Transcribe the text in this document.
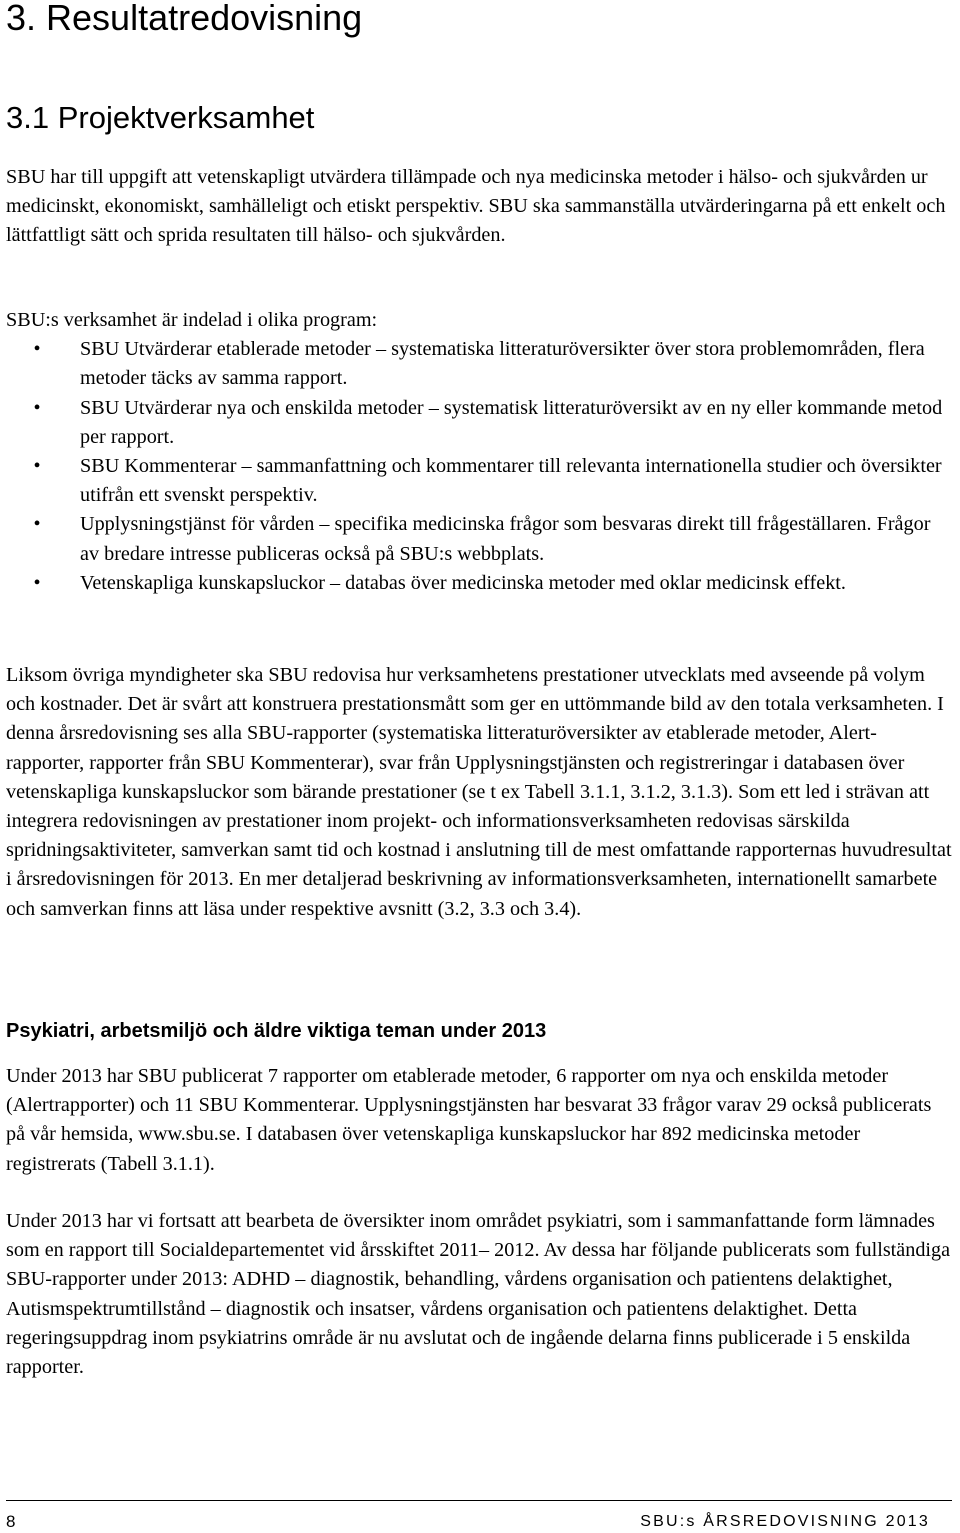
3. Resultatredovisning
3.1 Projektverksamhet

SBU har till uppgift att vetenskapligt utvärdera tillämpade och nya medicinska metoder i hälso- och sjukvården ur medicinskt, ekonomiskt, samhälleligt och etiskt perspektiv. SBU ska sammanställa utvärderingarna på ett enkelt och lättfattligt sätt och sprida resultaten till hälso- och sjukvården.

SBU:s verksamhet är indelad i olika program:

• SBU Utvärderar etablerade metoder – systematiska litteraturöversikter över stora problemområden, flera metoder täcks av samma rapport.
• SBU Utvärderar nya och enskilda metoder – systematisk litteraturöversikt av en ny eller kommande metod per rapport.
• SBU Kommenterar – sammanfattning och kommentarer till relevanta internationella studier och översikter utifrån ett svenskt perspektiv.
• Upplysningstjänst för vården – specifika medicinska frågor som besvaras direkt till frågeställaren. Frågor av bredare intresse publiceras också på SBU:s webbplats.
• Vetenskapliga kunskapsluckor – databas över medicinska metoder med oklar medicinsk effekt.

Liksom övriga myndigheter ska SBU redovisa hur verksamhetens prestationer utvecklats med avseende på volym och kostnader. Det är svårt att konstruera prestationsmått som ger en uttömmande bild av den totala verksamheten. I denna årsredovisning ses alla SBU-rapporter (systematiska litteraturöversikter av etablerade metoder, Alert-rapporter, rapporter från SBU Kommenterar), svar från Upplysningstjänsten och registreringar i databasen över vetenskapliga kunskapsluckor som bärande prestationer (se t ex Tabell 3.1.1, 3.1.2, 3.1.3). Som ett led i strävan att integrera redovisningen av prestationer inom projekt- och informationsverksamheten redovisas särskilda spridningsaktiviteter, samverkan samt tid och kostnad i anslutning till de mest omfattande rapporternas huvudresultat i årsredovisningen för 2013. En mer detaljerad beskrivning av informationsverksamheten, internationellt samarbete och samverkan finns att läsa under respektive avsnitt (3.2, 3.3 och 3.4).

Psykiatri, arbetsmiljö och äldre viktiga teman under 2013

Under 2013 har SBU publicerat 7 rapporter om etablerade metoder, 6 rapporter om nya och enskilda metoder (Alertrapporter) och 11 SBU Kommenterar. Upplysningstjänsten har besvarat 33 frågor varav 29 också publicerats på vår hemsida, www.sbu.se. I databasen över vetenskapliga kunskapsluckor har 892 medicinska metoder registrerats (Tabell 3.1.1).

Under 2013 har vi fortsatt att bearbeta de översikter inom området psykiatri, som i sammanfattande form lämnades som en rapport till Socialdepartementet vid årsskiftet 2011– 2012. Av dessa har följande publicerats som fullständiga SBU-rapporter under 2013: ADHD – diagnostik, behandling, vårdens organisation och patientens delaktighet, Autismspektrumtillstånd – diagnostik och insatser, vårdens organisation och patientens delaktighet. Detta regeringsuppdrag inom psykiatrins område är nu avslutat och de ingående delarna finns publicerade i 5 enskilda rapporter.

8	SBU:s ÅRSREDOVISNING 2013
